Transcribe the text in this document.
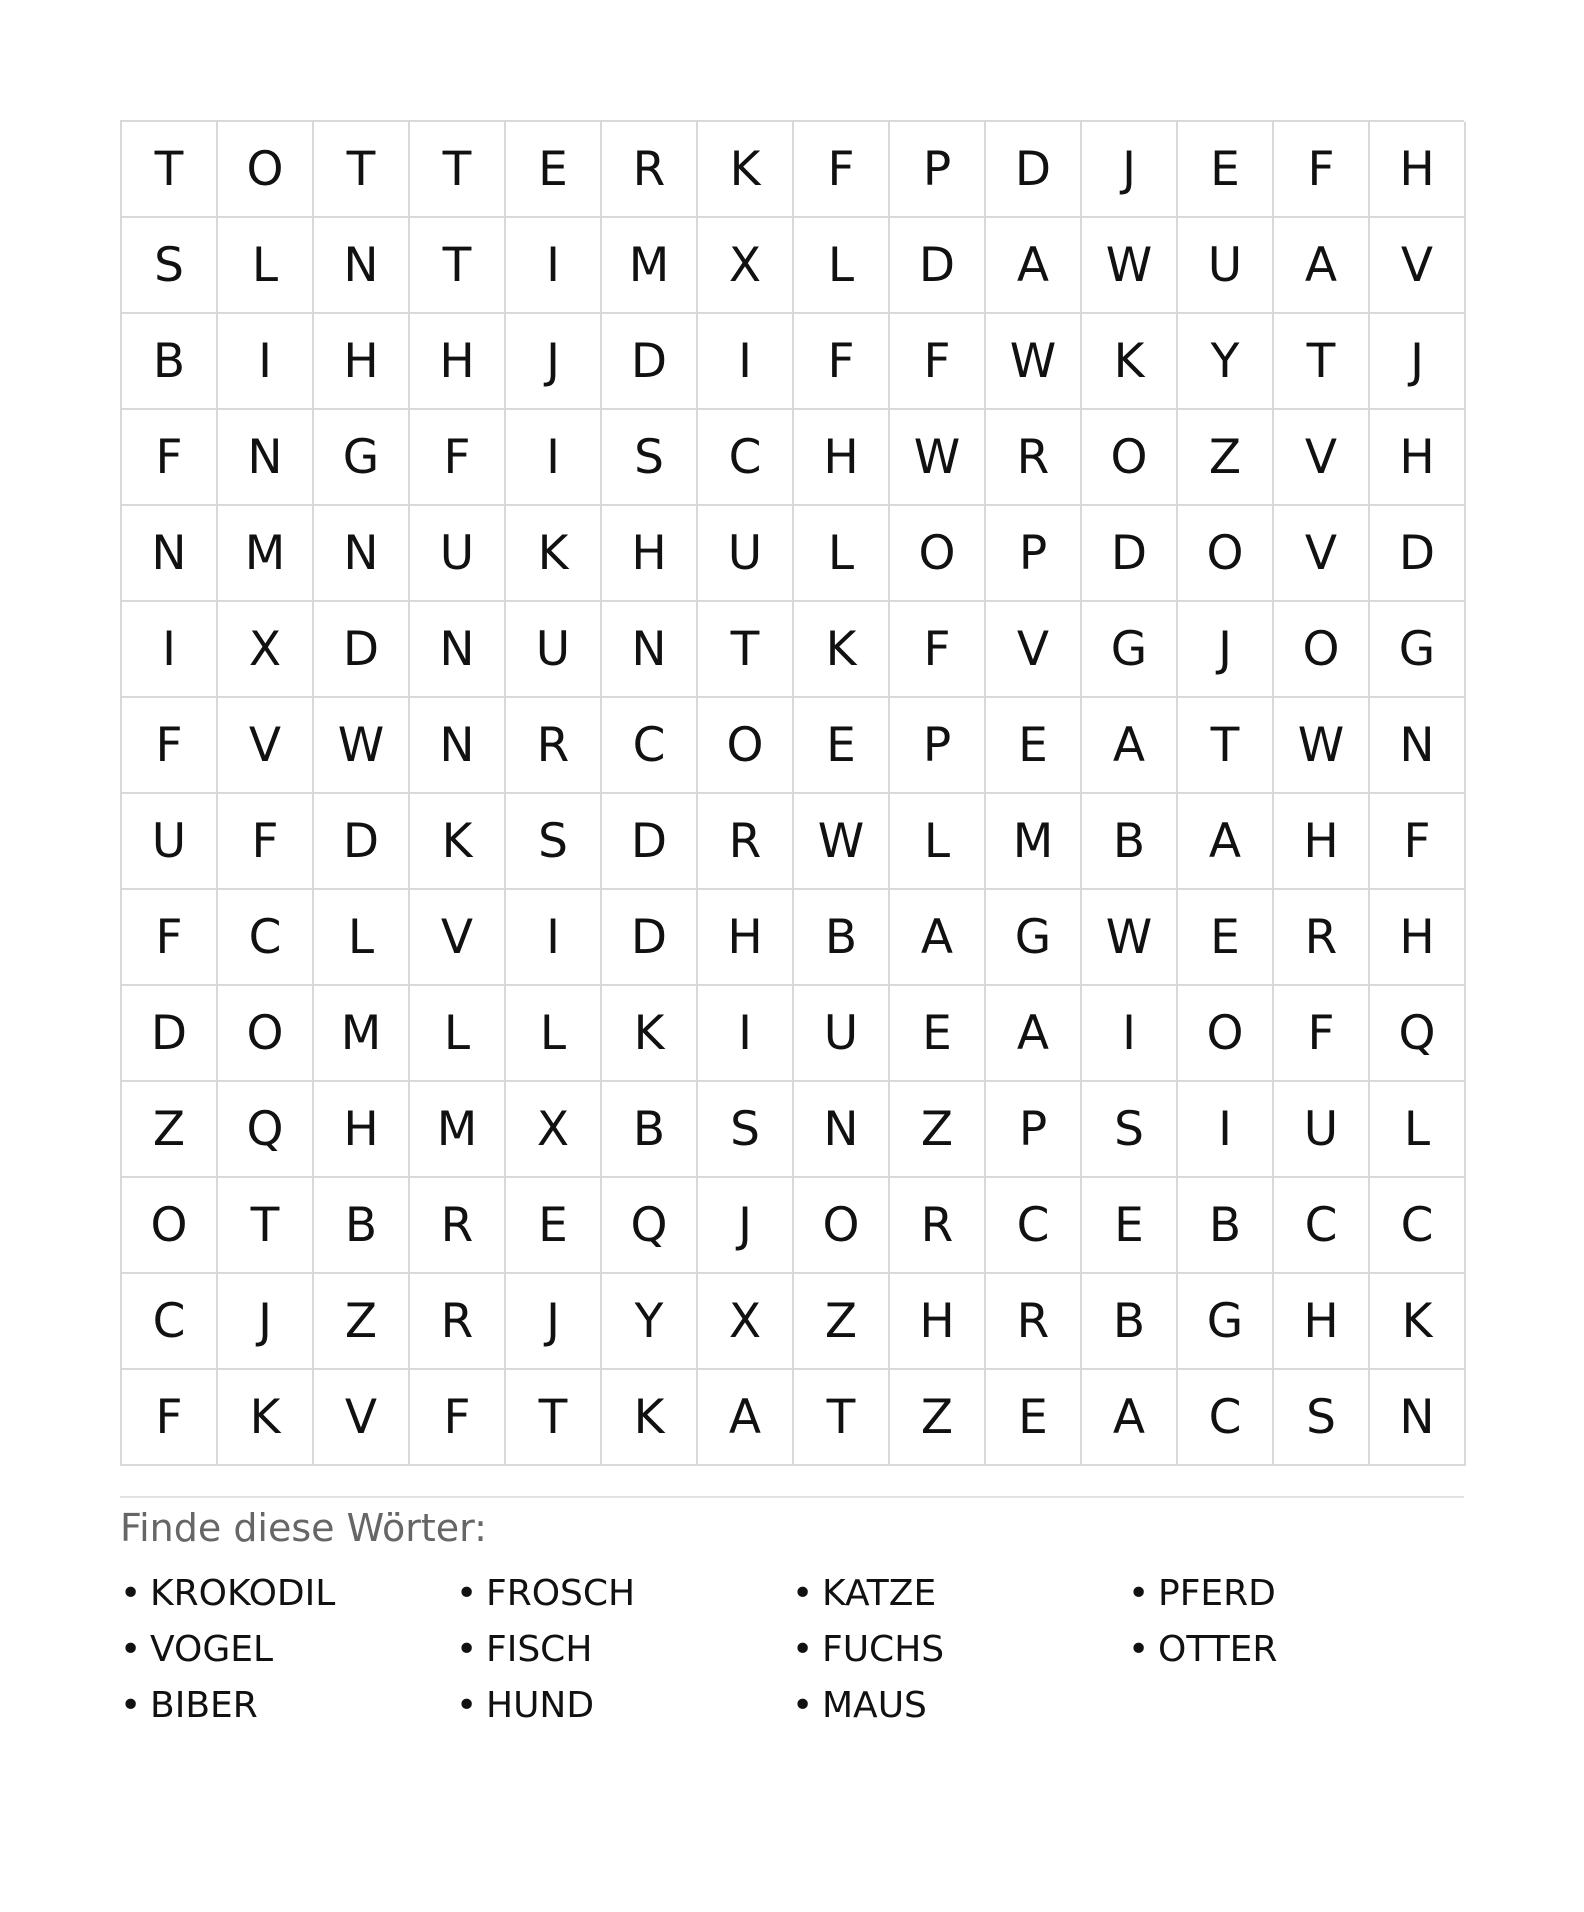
T	O	T	T	E	R	K	F	P	D	J	E	F	H
S	L	N	T	I	M	X	L	D	A	W	U	A	V
B	I	H	H	J	D	I	F	F	W	K	Y	T	J
F	N	G	F	I	S	C	H	W	R	O	Z	V	H
N	M	N	U	K	H	U	L	O	P	D	O	V	D
I	X	D	N	U	N	T	K	F	V	G	J	O	G
F	V	W	N	R	C	O	E	P	E	A	T	W	N
U	F	D	K	S	D	R	W	L	M	B	A	H	F
F	C	L	V	I	D	H	B	A	G	W	E	R	H
D	O	M	L	L	K	I	U	E	A	I	O	F	Q
Z	Q	H	M	X	B	S	N	Z	P	S	I	U	L
O	T	B	R	E	Q	J	O	R	C	E	B	C	C
C	J	Z	R	J	Y	X	Z	H	R	B	G	H	K
F	K	V	F	T	K	A	T	Z	E	A	C	S	N
Finde diese Wörter:
• KROKODIL	• FROSCH	• KATZE	• PFERD
• VOGEL	• FISCH	• FUCHS	• OTTER
• BIBER	• HUND	• MAUS
